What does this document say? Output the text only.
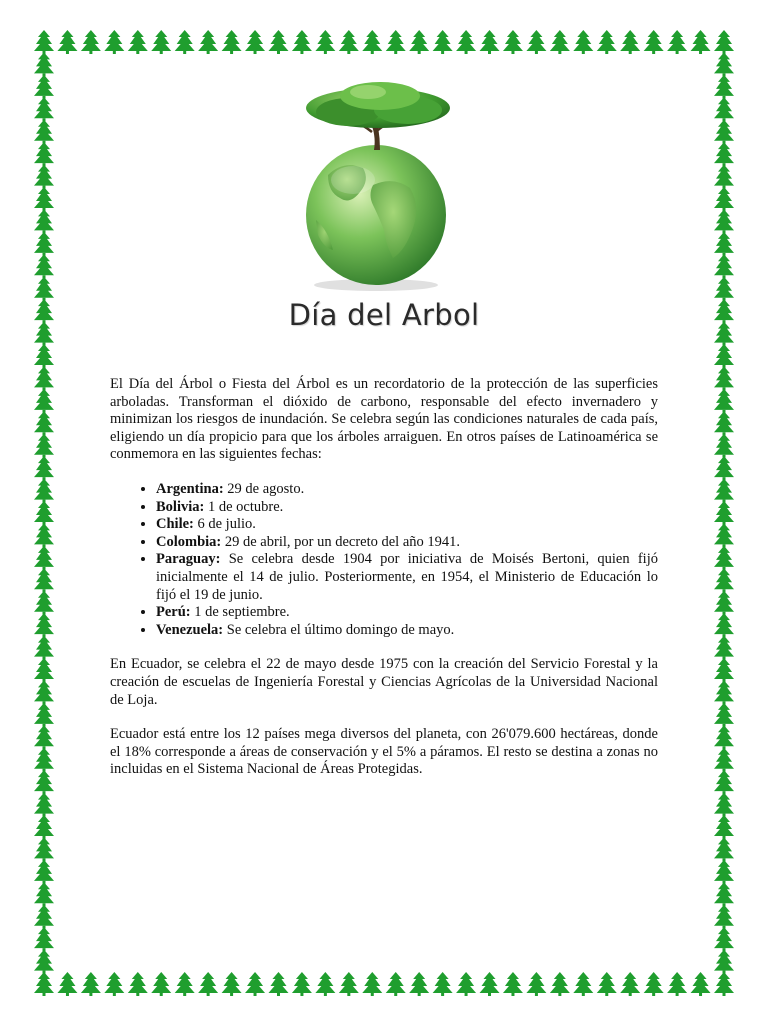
Día del Arbol

El Día del Árbol o Fiesta del Árbol es un recordatorio de la protección de las superficies arboladas. Transforman el dióxido de carbono, responsable del efecto invernadero y minimizan los riesgos de inundación. Se celebra según las condiciones naturales de cada país, eligiendo un día propicio para que los árboles arraiguen. En otros países de Latinoamérica se conmemora en las siguientes fechas:

• Argentina: 29 de agosto.
• Bolivia: 1 de octubre.
• Chile: 6 de julio.
• Colombia: 29 de abril, por un decreto del año 1941.
• Paraguay: Se celebra desde 1904 por iniciativa de Moisés Bertoni, quien fijó inicialmente el 14 de julio. Posteriormente, en 1954, el Ministerio de Educación lo fijó el 19 de junio.
• Perú: 1 de septiembre.
• Venezuela: Se celebra el último domingo de mayo.

En Ecuador, se celebra el 22 de mayo desde 1975 con la creación del Servicio Forestal y la creación de escuelas de Ingeniería Forestal y Ciencias Agrícolas de la Universidad Nacional de Loja.

Ecuador está entre los 12 países mega diversos del planeta, con 26'079.600 hectáreas, donde el 18% corresponde a áreas de conservación y el 5% a páramos. El resto se destina a zonas no incluidas en el Sistema Nacional de Áreas Protegidas.
